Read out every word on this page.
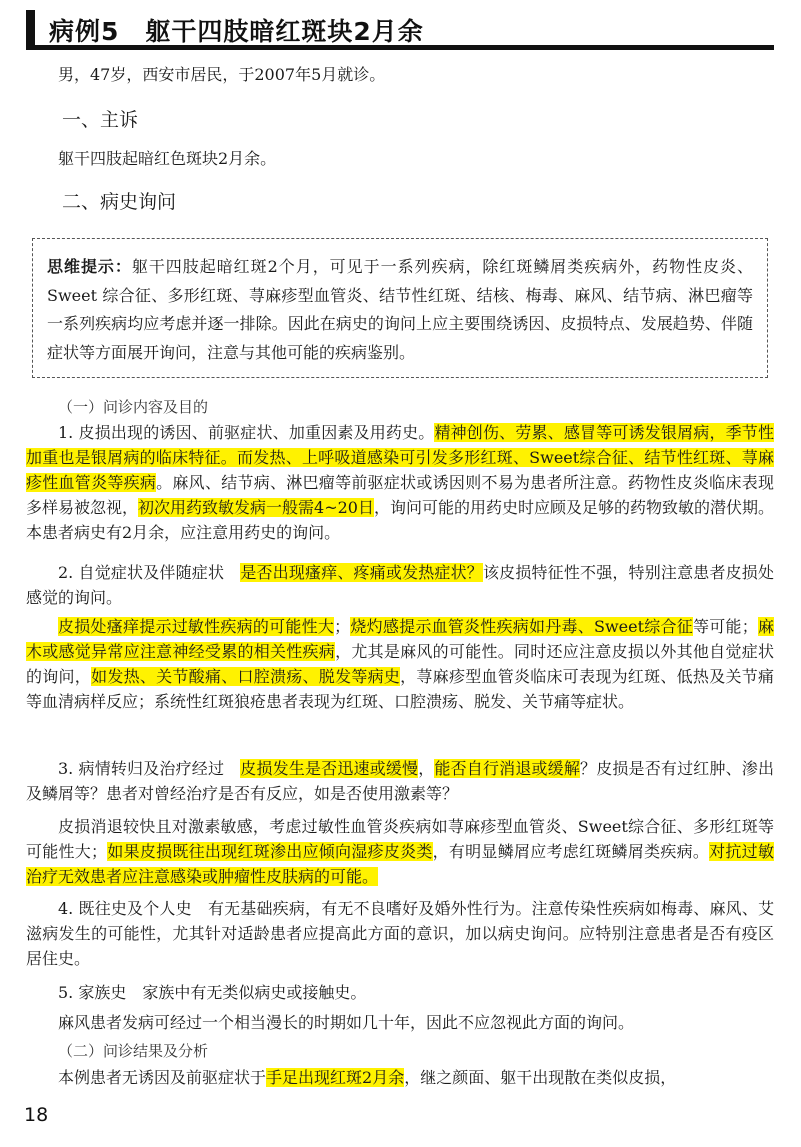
病例5　躯干四肢暗红斑块2月余

男，47岁，西安市居民，于2007年5月就诊。

一、主诉

躯干四肢起暗红色斑块2月余。

二、病史询问
思维提示：躯干四肢起暗红斑2个月，可见于一系列疾病，除红斑鳞屑类疾病外，药物性皮炎、Sweet 综合征、多形红斑、荨麻疹型血管炎、结节性红斑、结核、梅毒、麻风、结节病、淋巴瘤等一系列疾病均应考虑并逐一排除。因此在病史的询问上应主要围绕诱因、皮损特点、发展趋势、伴随症状等方面展开询问，注意与其他可能的疾病鉴别。
（一）问诊内容及目的

1. 皮损出现的诱因、前驱症状、加重因素及用药史。精神创伤、劳累、感冒等可诱发银屑病，季节性加重也是银屑病的临床特征。而发热、上呼吸道感染可引发多形红斑、Sweet综合征、结节性红斑、荨麻疹性血管炎等疾病。麻风、结节病、淋巴瘤等前驱症状或诱因则不易为患者所注意。药物性皮炎临床表现多样易被忽视，初次用药致敏发病一般需4~20日，询问可能的用药史时应顾及足够的药物致敏的潜伏期。本患者病史有2月余，应注意用药史的询问。

2. 自觉症状及伴随症状　是否出现瘙痒、疼痛或发热症状？该皮损特征性不强，特别注意患者皮损处感觉的询问。

皮损处瘙痒提示过敏性疾病的可能性大；烧灼感提示血管炎性疾病如丹毒、Sweet综合征等可能；麻木或感觉异常应注意神经受累的相关性疾病，尤其是麻风的可能性。同时还应注意皮损以外其他自觉症状的询问，如发热、关节酸痛、口腔溃疡、脱发等病史，荨麻疹型血管炎临床可表现为红斑、低热及关节痛等血清病样反应；系统性红斑狼疮患者表现为红斑、口腔溃疡、脱发、关节痛等症状。

3. 病情转归及治疗经过　皮损发生是否迅速或缓慢，能否自行消退或缓解？皮损是否有过红肿、渗出及鳞屑等？患者对曾经治疗是否有反应，如是否使用激素等？

皮损消退较快且对激素敏感，考虑过敏性血管炎疾病如荨麻疹型血管炎、Sweet综合征、多形红斑等可能性大；如果皮损既往出现红斑渗出应倾向湿疹皮炎类，有明显鳞屑应考虑红斑鳞屑类疾病。对抗过敏治疗无效患者应注意感染或肿瘤性皮肤病的可能。

4. 既往史及个人史　有无基础疾病，有无不良嗜好及婚外性行为。注意传染性疾病如梅毒、麻风、艾滋病发生的可能性，尤其针对适龄患者应提高此方面的意识，加以病史询问。应特别注意患者是否有疫区居住史。

5. 家族史　家族中有无类似病史或接触史。

麻风患者发病可经过一个相当漫长的时期如几十年，因此不应忽视此方面的询问。

（二）问诊结果及分析

本例患者无诱因及前驱症状于手足出现红斑2月余，继之颜面、躯干出现散在类似皮损，

18
